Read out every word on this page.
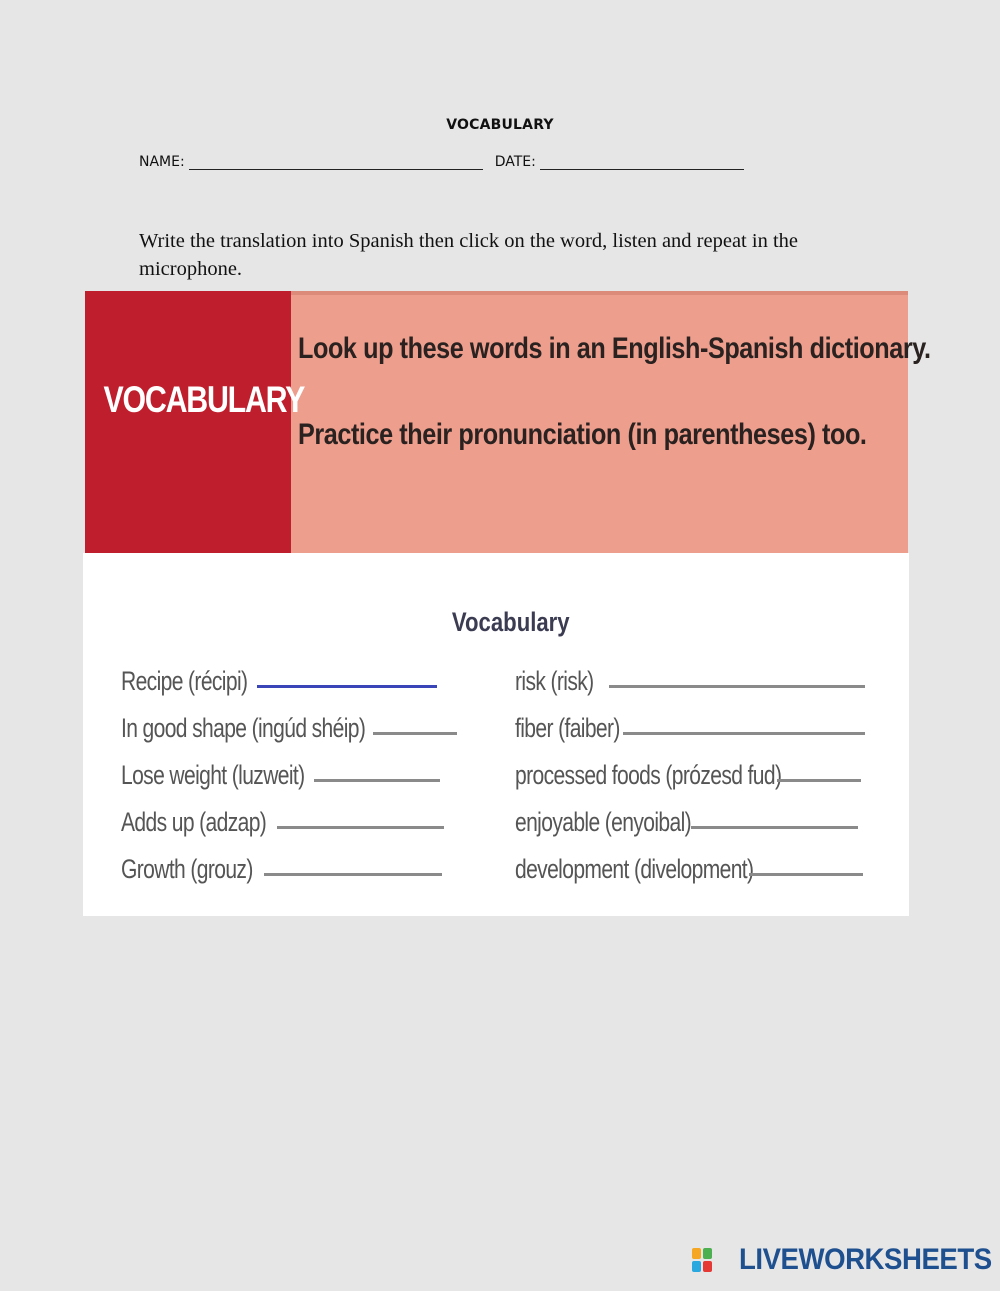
VOCABULARY
NAME:	DATE:
Write the translation into Spanish then click on the word, listen and repeat in the microphone.
VOCABULARY
Look up these words in an English-Spanish dictionary.
Practice their pronunciation (in parentheses) too.
Vocabulary
Recipe (récipi)
In good shape (ingúd shéip)
Lose weight (luzweit)
Adds up (adzap)
Growth (grouz)
risk (risk)
fiber (faiber)
processed foods (prózesd fud)
enjoyable (enyoibal)
development (divelopment)
LIVEWORKSHEETS
